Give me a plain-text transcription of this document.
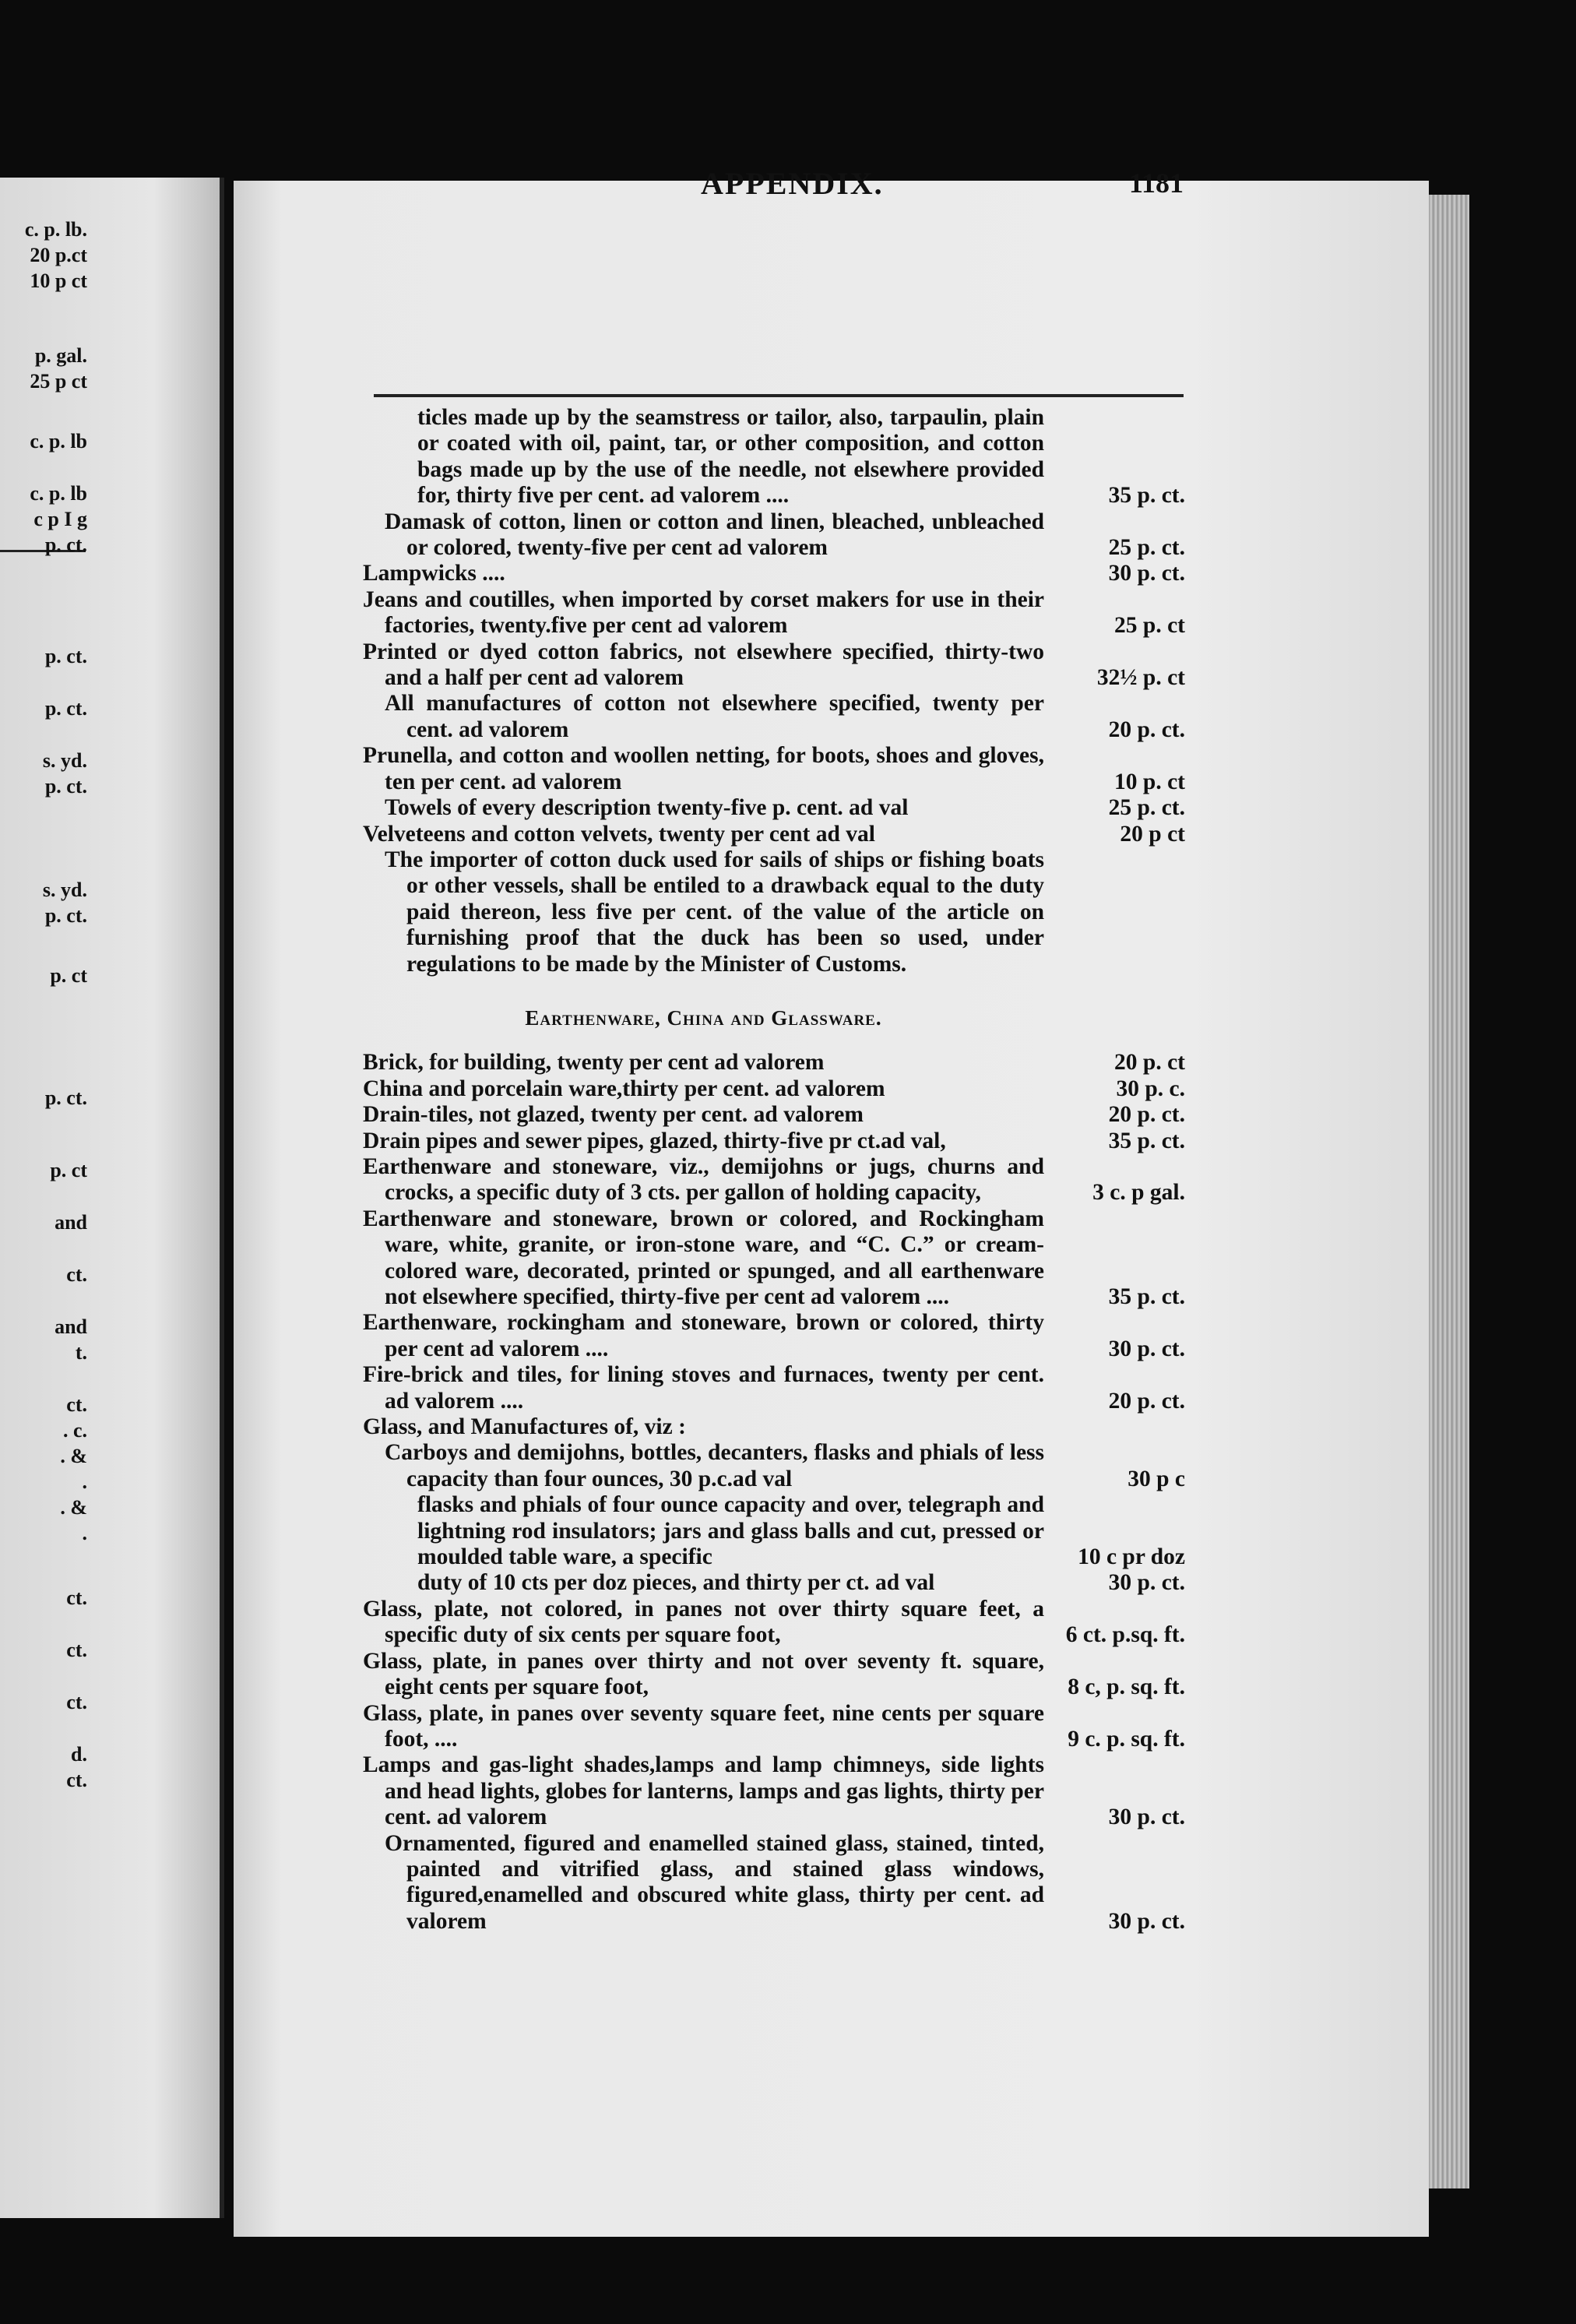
c. p. lb.
20 p.ct
10 p ct
p. gal.
25 p ct
c. p. lb
c. p. lb
c p I g
p. ct.
p. ct.
p. ct.
s. yd.
p. ct.
s. yd.
p. ct.
p. ct
p. ct.
p. ct
and
ct.
and
t.
ct.
. c.
. &
.
. &
.
ct.
ct.
ct.
d.
ct.
APPENDIX.	1181
ticles made up by the seamstress or tailor, also, tarpaulin, plain or coated with oil, paint, tar, or other composition, and cotton bags made up by the use of the needle, not elsewhere provided for, thirty five per cent. ad valorem ....	35 p. ct.
Damask of cotton, linen or cotton and linen, bleached, unbleached or colored, twenty-five per cent ad valorem	25 p. ct.
Lampwicks ....	30 p. ct.
Jeans and coutilles, when imported by corset makers for use in their factories, twenty.five per cent ad valorem	25 p. ct
Printed or dyed cotton fabrics, not elsewhere specified, thirty-two and a half per cent ad valorem	32½ p. ct
All manufactures of cotton not elsewhere specified, twenty per cent. ad valorem	20 p. ct.
Prunella, and cotton and woollen netting, for boots, shoes and gloves, ten per cent. ad valorem	10 p. ct
Towels of every description twenty-five p. cent. ad val	25 p. ct.
Velveteens and cotton velvets, twenty per cent ad val	20 p ct
The importer of cotton duck used for sails of ships or fishing boats or other vessels, shall be entiled to a drawback equal to the duty paid thereon, less five per cent. of the value of the article on furnishing proof that the duck has been so used, under regulations to be made by the Minister of Customs.
Earthenware, China and Glassware.
Brick, for building, twenty per cent ad valorem	20 p. ct
China and porcelain ware,thirty per cent. ad valorem	30 p. c.
Drain-tiles, not glazed, twenty per cent. ad valorem	20 p. ct.
Drain pipes and sewer pipes, glazed, thirty-five pr ct.ad val,	35 p. ct.
Earthenware and stoneware, viz., demijohns or jugs, churns and crocks, a specific duty of 3 cts. per gallon of holding capacity,	3 c. p gal.
Earthenware and stoneware, brown or colored, and Rockingham ware, white, granite, or iron-stone ware, and “C. C.” or cream-colored ware, decorated, printed or spunged, and all earthenware not elsewhere specified, thirty-five per cent ad valorem ....	35 p. ct.
Earthenware, rockingham and stoneware, brown or colored, thirty per cent ad valorem ....	30 p. ct.
Fire-brick and tiles, for lining stoves and furnaces, twenty per cent. ad valorem ....	20 p. ct.
Glass, and Manufactures of, viz :
Carboys and demijohns, bottles, decanters, flasks and phials of less capacity than four ounces, 30 p.c.ad val	30 p c
flasks and phials of four ounce capacity and over, telegraph and lightning rod insulators; jars and glass balls and cut, pressed or moulded table ware, a specific	10 c pr doz
duty of 10 cts per doz pieces, and thirty per ct. ad val	30 p. ct.
Glass, plate, not colored, in panes not over thirty square feet, a specific duty of six cents per square foot,	6 ct. p.sq. ft.
Glass, plate, in panes over thirty and not over seventy ft. square, eight cents per square foot,	8 c, p. sq. ft.
Glass, plate, in panes over seventy square feet, nine cents per square foot, ....	9 c. p. sq. ft.
Lamps and gas-light shades,lamps and lamp chimneys, side lights and head lights, globes for lanterns, lamps and gas lights, thirty per cent. ad valorem	30 p. ct.
Ornamented, figured and enamelled stained glass, stained, tinted, painted and vitrified glass, and stained glass windows, figured,enamelled and obscured white glass, thirty per cent. ad valorem	30 p. ct.
